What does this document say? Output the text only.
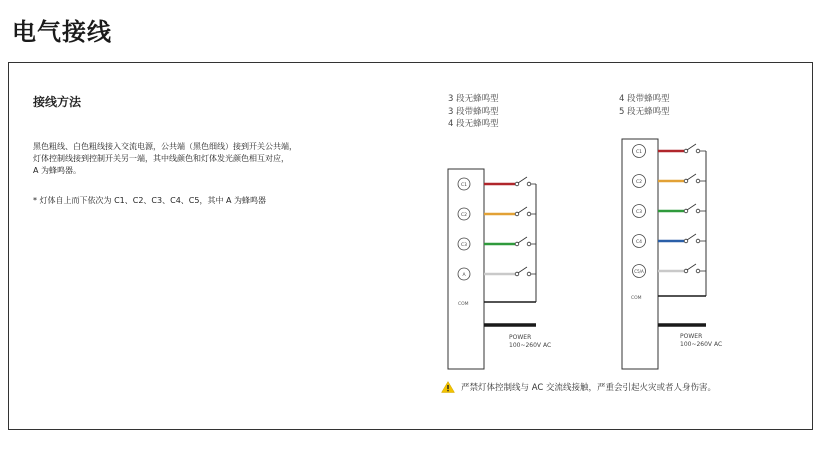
电气接线
接线方法
黑色粗线、白色粗线接入交流电源，公共端（黑色细线）接到开关公共端，
灯体控制线接到控制开关另一端，其中线颜色和灯体发光颜色相互对应，
A 为蜂鸣器。
* 灯体自上而下依次为 C1、C2、C3、C4、C5，其中 A 为蜂鸣器
3 段无蜂鸣型
3 段带蜂鸣型
4 段无蜂鸣型
4 段带蜂鸣型
5 段无蜂鸣型
C1
C2
C3
A
COM
POWER
100~260V AC
C1
C2
C3
C4
C5/A
COM
POWER
100~260V AC
严禁灯体控制线与 AC 交流线接触，严重会引起火灾或者人身伤害。
